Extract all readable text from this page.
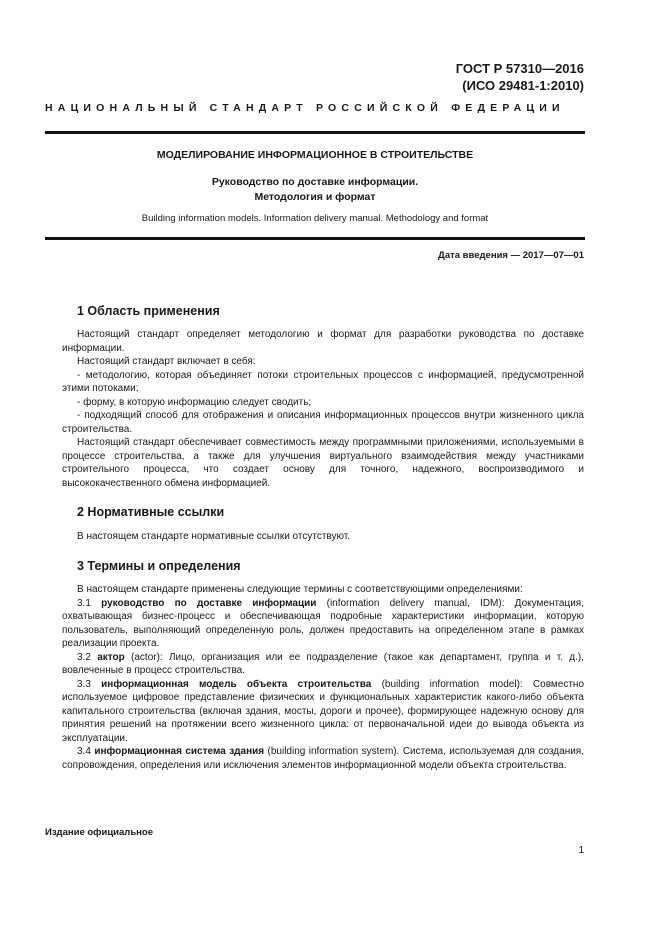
ГОСТ Р 57310—2016
(ИСО 29481-1:2010)
НАЦИОНАЛЬНЫЙ СТАНДАРТ РОССИЙСКОЙ ФЕДЕРАЦИИ
МОДЕЛИРОВАНИЕ ИНФОРМАЦИОННОЕ В СТРОИТЕЛЬСТВЕ
Руководство по доставке информации.
Методология и формат
Building information models. Information delivery manual. Methodology and format
Дата введения — 2017—07—01
1 Область применения

Настоящий стандарт определяет методологию и формат для разработки руководства по доставке информации.

Настоящий стандарт включает в себя:

- методологию, которая объединяет потоки строительных процессов с информацией, предусмотренной этими потоками;

- форму, в которую информацию следует сводить;

- подходящий способ для отображения и описания информационных процессов внутри жизненного цикла строительства.

Настоящий стандарт обеспечивает совместимость между программными приложениями, используемыми в процессе строительства, а также для улучшения виртуального взаимодействия между участниками строительного процесса, что создает основу для точного, надежного, воспроизводимого и высококачественного обмена информацией.

2 Нормативные ссылки

В настоящем стандарте нормативные ссылки отсутствуют.

3 Термины и определения

В настоящем стандарте применены следующие термины с соответствующими определениями:

3.1 руководство по доставке информации (information delivery manual, IDM): Документация, охватывающая бизнес-процесс и обеспечивающая подробные характеристики информации, которую пользователь, выполняющий определенную роль, должен предоставить на определенном этапе в рамках реализации проекта.

3.2 актор (actor): Лицо, организация или ее подразделение (такое как департамент, группа и т. д.), вовлеченные в процесс строительства.

3.3 информационная модель объекта строительства (building information model): Совместно используемое цифровое представление физических и функциональных характеристик какого-либо объекта капитального строительства (включая здания, мосты, дороги и прочее), формирующее надежную основу для принятия решений на протяжении всего жизненного цикла: от первоначальной идеи до вывода объекта из эксплуатации.

3.4 информационная система здания (building information system). Система, используемая для создания, сопровождения, определения или исключения элементов информационной модели объекта строительства.

Издание официальное
1
